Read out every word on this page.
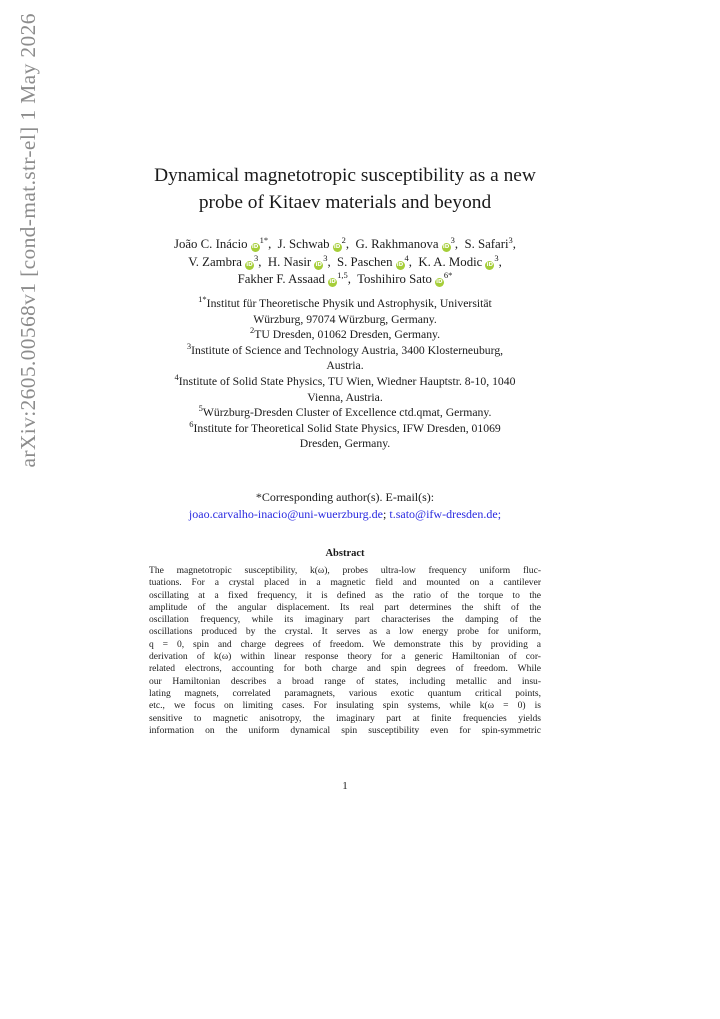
arXiv:2605.00568v1 [cond-mat.str-el] 1 May 2026	Dynamical magnetotropic susceptibility as a new
probe of Kitaev materials and beyond
João C. Inácio $iD^{1*}$,  J. Schwab $iD^2$,  G. Rakhmanova $iD^3$,  S. Safari$^3$,
V. Zambra $iD^3$,  H. Nasir $iD^3$,  S. Paschen $iD^4$,  K. A. Modic $iD^3$,
Fakher F. Assaad iD$^{1,5}$,  Toshihiro Sato $iD^{6*}$
$^{1*}$Institut für Theoretische Physik und Astrophysik, Universität
Würzburg, 97074 Würzburg, Germany.
$^2$TU Dresden, 01062 Dresden, Germany.
$^3$Institute of Science and Technology Austria, 3400 Klosterneuburg,
Austria.
$^4$Institute of Solid State Physics, TU Wien, Wiedner Hauptstr. 8-10, 1040
Vienna, Austria.
$^5$Würzburg-Dresden Cluster of Excellence ctd.qmat, Germany.
$^6$Institute for Theoretical Solid State Physics, IFW Dresden, 01069
Dresden, Germany.
*Corresponding author(s). E-mail(s):
joao.carvalho-inacio@uni-wuerzburg.de; t.sato@ifw-dresden.de;
Abstract
The magnetotropic susceptibility, k(ω), probes ultra-low frequency uniform fluc-
tuations. For a crystal placed in a magnetic field and mounted on a cantilever
oscillating at a fixed frequency, it is defined as the ratio of the torque to the
amplitude of the angular displacement. Its real part determines the shift of the
oscillation frequency, while its imaginary part characterises the damping of the
oscillations produced by the crystal. It serves as a low energy probe for uniform,
q = 0, spin and charge degrees of freedom. We demonstrate this by providing a
derivation of k(ω) within linear response theory for a generic Hamiltonian of cor-
related electrons, accounting for both charge and spin degrees of freedom. While
our Hamiltonian describes a broad range of states, including metallic and insu-
lating magnets, correlated paramagnets, various exotic quantum critical points,
etc., we focus on limiting cases. For insulating spin systems, while k(ω = 0) is
sensitive to magnetic anisotropy, the imaginary part at finite frequencies yields
information on the uniform dynamical spin susceptibility even for spin-symmetric
1
